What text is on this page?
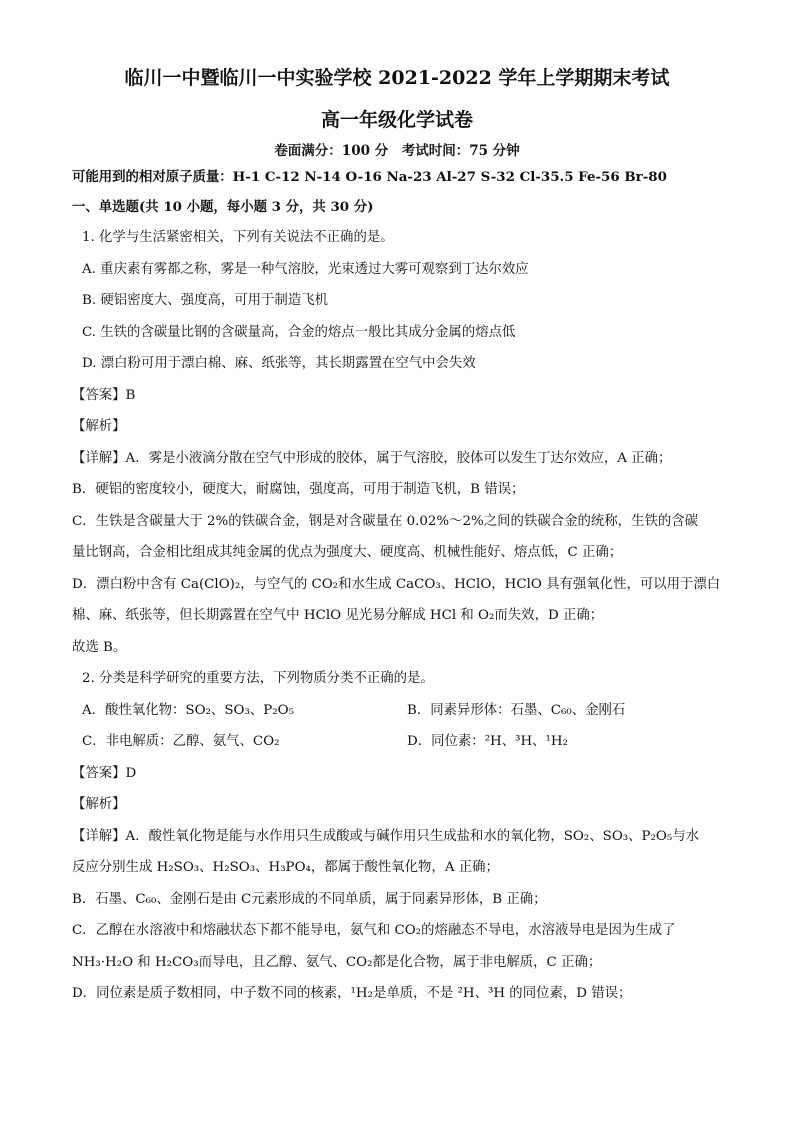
临川一中暨临川一中实验学校 2021-2022 学年上学期期末考试
高一年级化学试卷
卷面满分：100 分　考试时间：75 分钟
可能用到的相对原子质量：H-1 C-12 N-14 O-16 Na-23 Al-27 S-32 Cl-35.5 Fe-56 Br-80
一、单选题(共 10 小题，每小题 3 分，共 30 分)
1. 化学与生活紧密相关，下列有关说法不正确的是。
A. 重庆素有雾都之称，雾是一种气溶胶，光束透过大雾可观察到丁达尔效应
B. 硬铝密度大、强度高，可用于制造飞机
C. 生铁的含碳量比钢的含碳量高，合金的熔点一般比其成分金属的熔点低
D. 漂白粉可用于漂白棉、麻、纸张等，其长期露置在空气中会失效
【答案】B
【解析】
【详解】A．雾是小液滴分散在空气中形成的胶体，属于气溶胶，胶体可以发生丁达尔效应，A 正确；
B．硬铝的密度较小，硬度大，耐腐蚀，强度高，可用于制造飞机，B 错误；
C．生铁是含碳量大于 2%的铁碳合金，钢是对含碳量在 0.02%～2%之间的铁碳合金的统称，生铁的含碳
量比钢高，合金相比组成其纯金属的优点为强度大、硬度高、机械性能好、熔点低，C 正确；
D．漂白粉中含有 Ca(ClO)₂，与空气的 CO₂和水生成 CaCO₃、HClO，HClO 具有强氧化性，可以用于漂白
棉、麻、纸张等，但长期露置在空气中 HClO 见光易分解成 HCl 和 O₂而失效，D 正确；
故选 B。
2. 分类是科学研究的重要方法，下列物质分类不正确的是。
A．酸性氧化物：SO₂、SO₃、P₂O₅	B．同素异形体：石墨、C₆₀、金刚石
C．非电解质：乙醇、氨气、CO₂	D．同位素：²H、³H、¹H₂
【答案】D
【解析】
【详解】A．酸性氧化物是能与水作用只生成酸或与碱作用只生成盐和水的氧化物，SO₂、SO₃、P₂O₅与水
反应分别生成 H₂SO₃、H₂SO₃、H₃PO₄，都属于酸性氧化物，A 正确；
B．石墨、C₆₀、金刚石是由 C元素形成的不同单质，属于同素异形体，B 正确；
C．乙醇在水溶液中和熔融状态下都不能导电，氨气和 CO₂的熔融态不导电，水溶液导电是因为生成了
NH₃·H₂O 和 H₂CO₃而导电，且乙醇、氨气、CO₂都是化合物，属于非电解质，C 正确；
D．同位素是质子数相同，中子数不同的核素，¹H₂是单质，不是 ²H、³H 的同位素，D 错误；
